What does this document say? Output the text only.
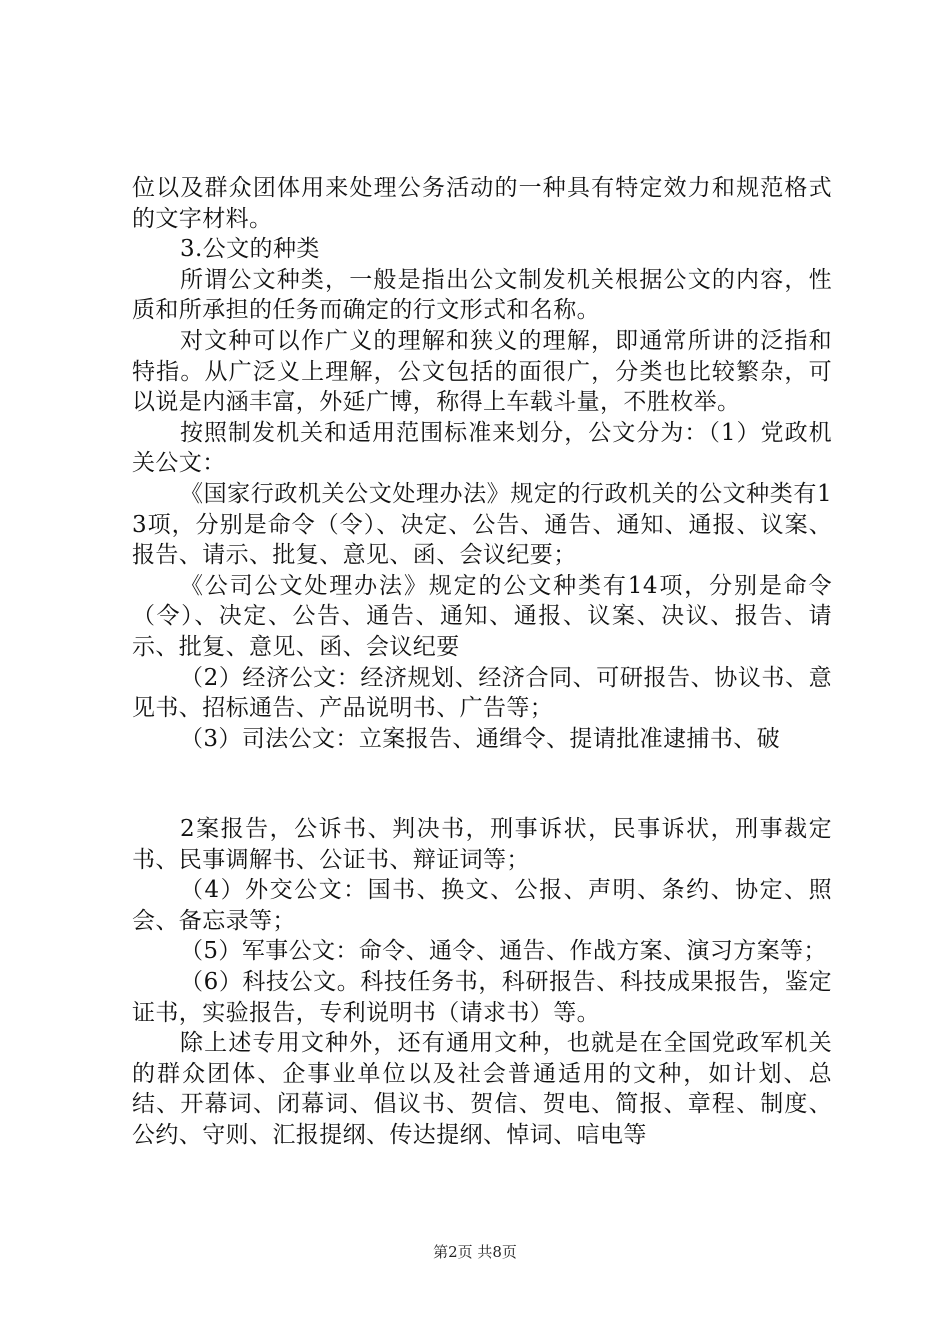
位以及群众团体用来处理公务活动的一种具有特定效力和规范格式的文字材料。

3.公文的种类

所谓公文种类，一般是指出公文制发机关根据公文的内容，性质和所承担的任务而确定的行文形式和名称。

对文种可以作广义的理解和狭义的理解，即通常所讲的泛指和特指。从广泛义上理解，公文包括的面很广，分类也比较繁杂，可以说是内涵丰富，外延广博，称得上车载斗量，不胜枚举。

按照制发机关和适用范围标准来划分，公文分为：（1）党政机关公文：

《国家行政机关公文处理办法》规定的行政机关的公文种类有13项，分别是命令（令）、决定、公告、通告、通知、通报、议案、报告、请示、批复、意见、函、会议纪要；

《公司公文处理办法》规定的公文种类有14项，分别是命令（令）、决定、公告、通告、通知、通报、议案、决议、报告、请示、批复、意见、函、会议纪要

（2）经济公文：经济规划、经济合同、可研报告、协议书、意见书、招标通告、产品说明书、广告等；

（3）司法公文：立案报告、通缉令、提请批准逮捕书、破

2案报告，公诉书、判决书，刑事诉状，民事诉状，刑事裁定书、民事调解书、公证书、辩证词等；

（4）外交公文：国书、换文、公报、声明、条约、协定、照会、备忘录等；

（5）军事公文：命令、通令、通告、作战方案、演习方案等；

（6）科技公文。科技任务书，科研报告、科技成果报告，鉴定证书，实验报告，专利说明书（请求书）等。

除上述专用文种外，还有通用文种，也就是在全国党政军机关的群众团体、企事业单位以及社会普通适用的文种，如计划、总结、开幕词、闭幕词、倡议书、贺信、贺电、简报、章程、制度、公约、守则、汇报提纲、传达提纲、悼词、唁电等

第2页 共8页
